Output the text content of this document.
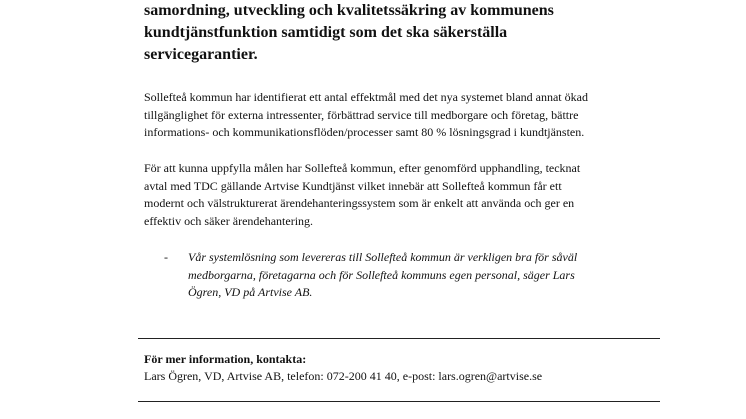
samordning, utveckling och kvalitetssäkring av kommunens
kundtjänstfunktion samtidigt som det ska säkerställa
servicegarantier.

Sollefteå kommun har identifierat ett antal effektmål med det nya systemet bland annat ökad
tillgänglighet för externa intressenter, förbättrad service till medborgare och företag, bättre
informations- och kommunikationsflöden/processer samt 80 % lösningsgrad i kundtjänsten.

För att kunna uppfylla målen har Sollefteå kommun, efter genomförd upphandling, tecknat
avtal med TDC gällande Artvise Kundtjänst vilket innebär att Sollefteå kommun får ett
modernt och välstrukturerat ärendehanteringssystem som är enkelt att använda och ger en
effektiv och säker ärendehantering.

- Vår systemlösning som levereras till Sollefteå kommun är verkligen bra för såväl
medborgarna, företagarna och för Sollefteå kommuns egen personal, säger Lars
Ögren, VD på Artvise AB.
För mer information, kontakta:
Lars Ögren, VD, Artvise AB, telefon: 072-200 41 40, e-post: lars.ogren@artvise.se
